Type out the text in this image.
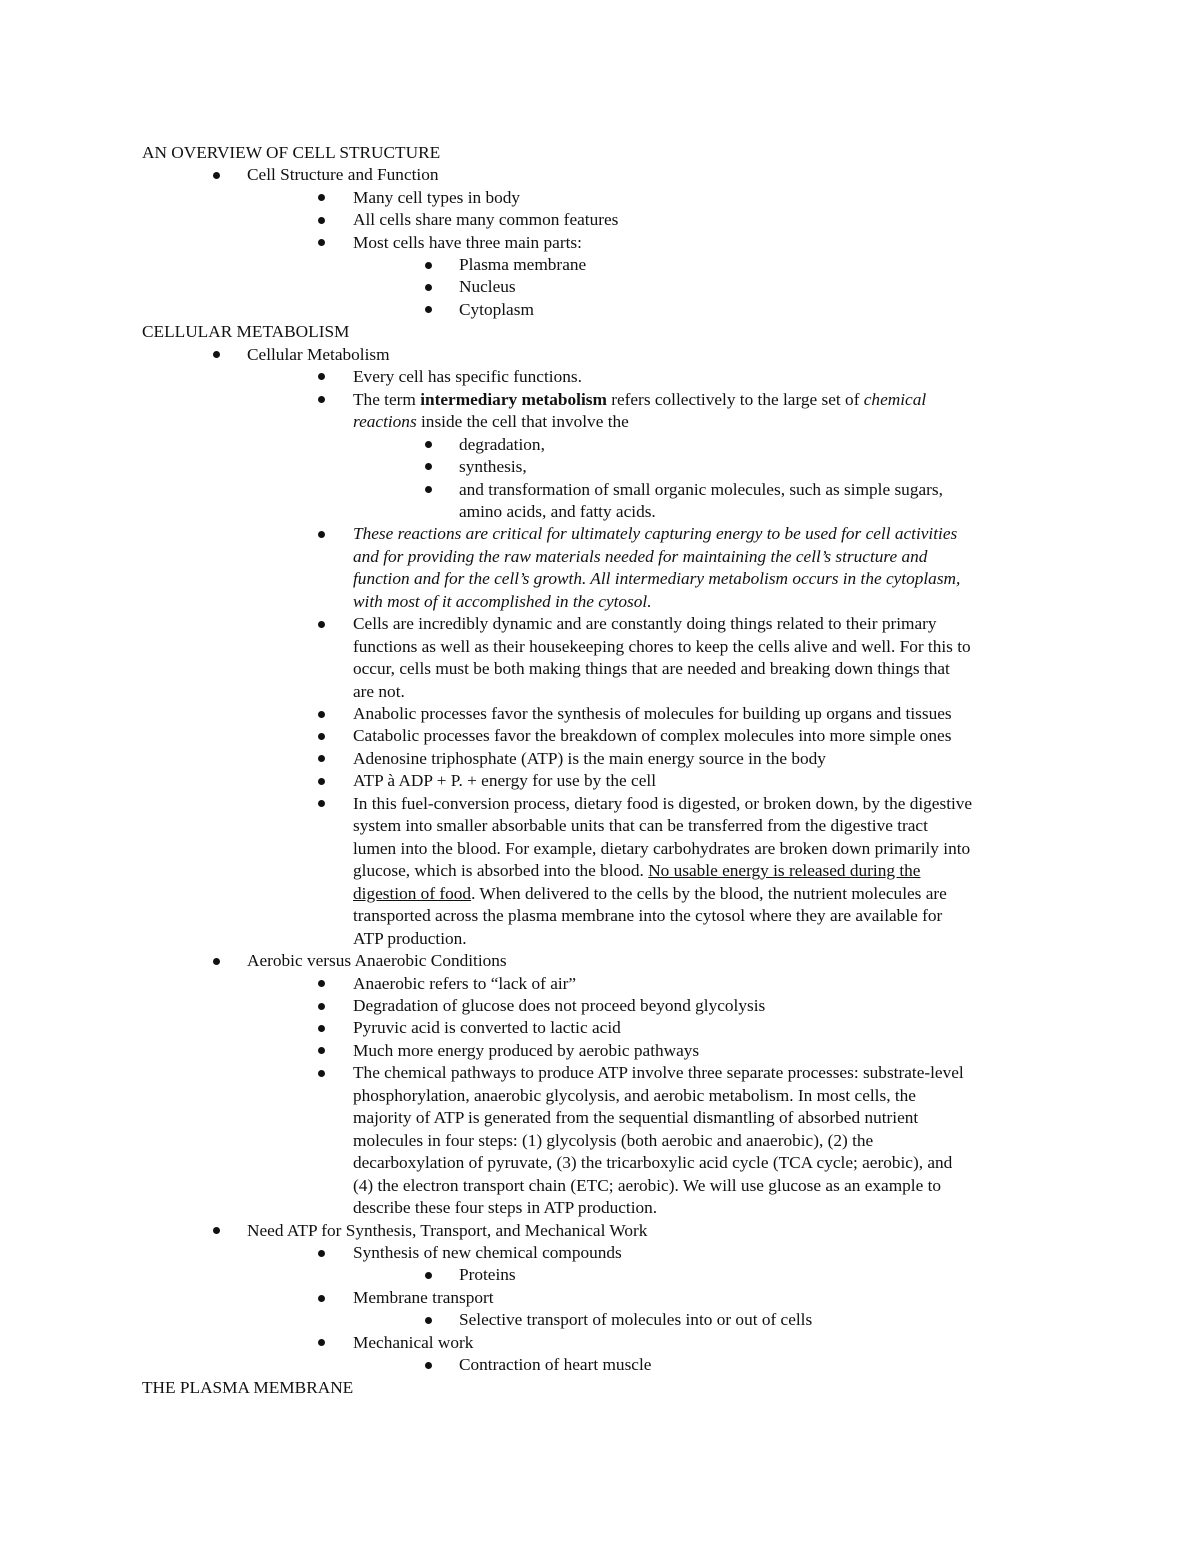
AN OVERVIEW OF CELL STRUCTURE
Cell Structure and Function
Many cell types in body
All cells share many common features
Most cells have three main parts:
Plasma membrane
Nucleus
Cytoplasm
CELLULAR METABOLISM
Cellular Metabolism
Every cell has specific functions.
The term intermediary metabolism refers collectively to the large set of chemical
reactions inside the cell that involve the
degradation,
synthesis,
and transformation of small organic molecules, such as simple sugars,
amino acids, and fatty acids.
These reactions are critical for ultimately capturing energy to be used for cell activities
and for providing the raw materials needed for maintaining the cell’s structure and
function and for the cell’s growth. All intermediary metabolism occurs in the cytoplasm,
with most of it accomplished in the cytosol.
Cells are incredibly dynamic and are constantly doing things related to their primary
functions as well as their housekeeping chores to keep the cells alive and well. For this to
occur, cells must be both making things that are needed and breaking down things that
are not.
Anabolic processes favor the synthesis of molecules for building up organs and tissues
Catabolic processes favor the breakdown of complex molecules into more simple ones
Adenosine triphosphate (ATP) is the main energy source in the body
ATP à ADP + P. + energy for use by the cell
In this fuel-conversion process, dietary food is digested, or broken down, by the digestive
system into smaller absorbable units that can be transferred from the digestive tract
lumen into the blood. For example, dietary carbohydrates are broken down primarily into
glucose, which is absorbed into the blood. No usable energy is released during the
digestion of food. When delivered to the cells by the blood, the nutrient molecules are
transported across the plasma membrane into the cytosol where they are available for
ATP production.
Aerobic versus Anaerobic Conditions
Anaerobic refers to “lack of air”
Degradation of glucose does not proceed beyond glycolysis
Pyruvic acid is converted to lactic acid
Much more energy produced by aerobic pathways
The chemical pathways to produce ATP involve three separate processes: substrate-level
phosphorylation, anaerobic glycolysis, and aerobic metabolism. In most cells, the
majority of ATP is generated from the sequential dismantling of absorbed nutrient
molecules in four steps: (1) glycolysis (both aerobic and anaerobic), (2) the
decarboxylation of pyruvate, (3) the tricarboxylic acid cycle (TCA cycle; aerobic), and
(4) the electron transport chain (ETC; aerobic). We will use glucose as an example to
describe these four steps in ATP production.
Need ATP for Synthesis, Transport, and Mechanical Work
Synthesis of new chemical compounds
Proteins
Membrane transport
Selective transport of molecules into or out of cells
Mechanical work
Contraction of heart muscle
THE PLASMA MEMBRANE
